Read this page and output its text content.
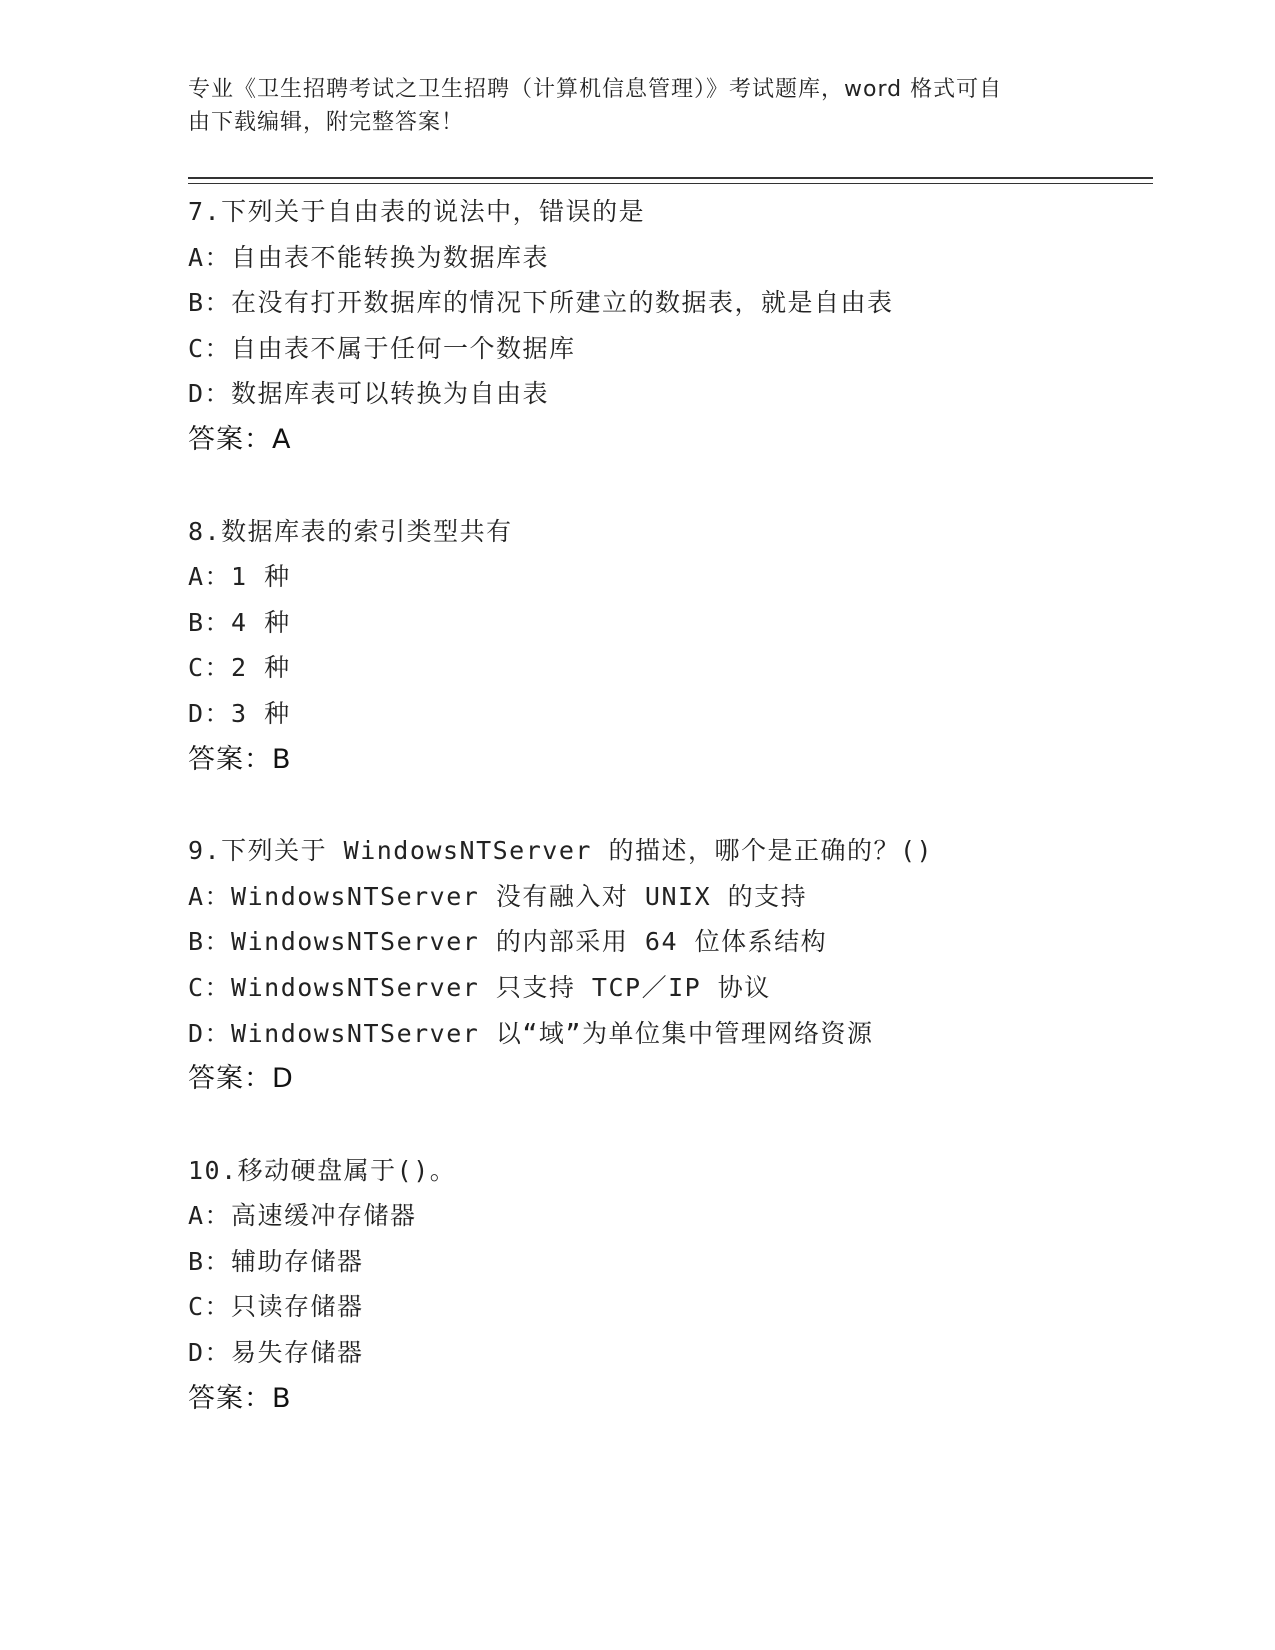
专业《卫生招聘考试之卫生招聘（计算机信息管理）》考试题库，word 格式可自
由下载编辑，附完整答案！
7.下列关于自由表的说法中，错误的是
A：自由表不能转换为数据库表
B：在没有打开数据库的情况下所建立的数据表，就是自由表
C：自由表不属于任何一个数据库
D：数据库表可以转换为自由表
答案：A
8.数据库表的索引类型共有
A：1 种
B：4 种
C：2 种
D：3 种
答案：B
9.下列关于 WindowsNTServer 的描述，哪个是正确的？()
A：WindowsNTServer 没有融入对 UNIX 的支持
B：WindowsNTServer 的内部采用 64 位体系结构
C：WindowsNTServer 只支持 TCP／IP 协议
D：WindowsNTServer 以“域”为单位集中管理网络资源
答案：D
10.移动硬盘属于()。
A：高速缓冲存储器
B：辅助存储器
C：只读存储器
D：易失存储器
答案：B
